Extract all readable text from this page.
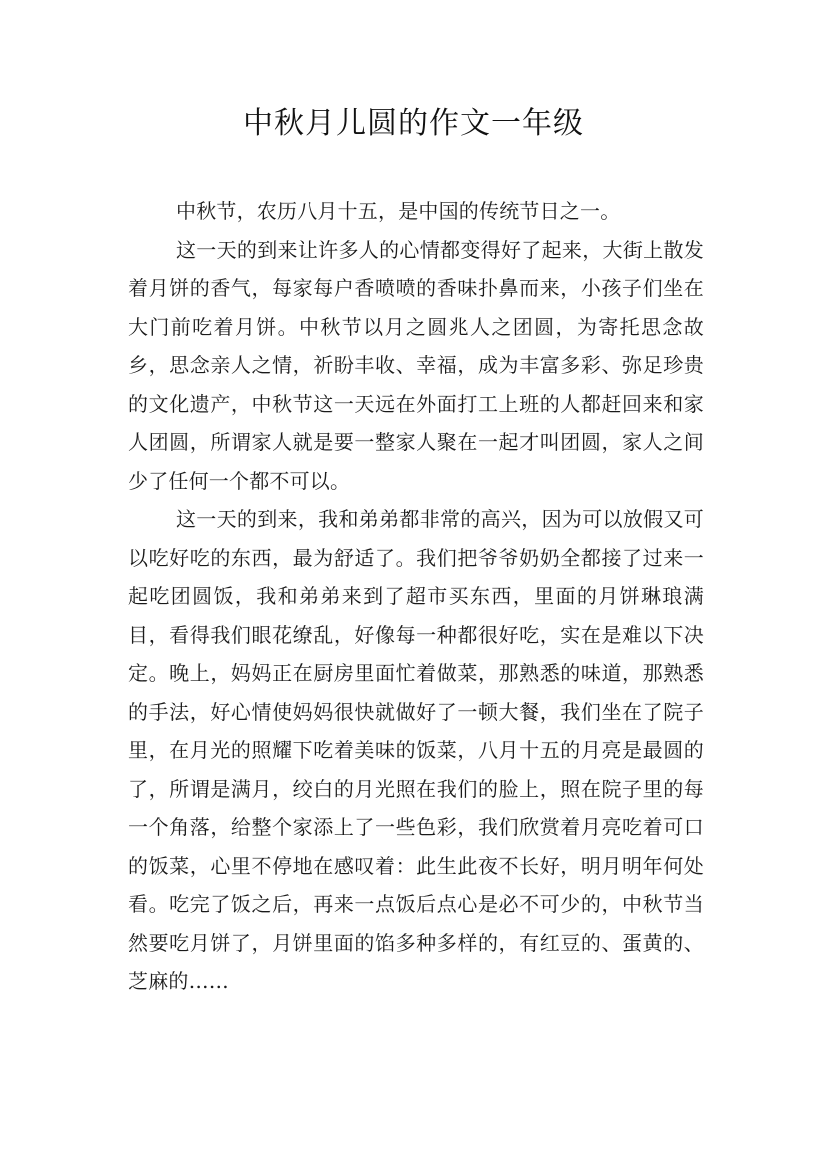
中秋月儿圆的作文一年级

中秋节，农历八月十五，是中国的传统节日之一。

这一天的到来让许多人的心情都变得好了起来，大街上散发着月饼的香气，每家每户香喷喷的香味扑鼻而来，小孩子们坐在大门前吃着月饼。中秋节以月之圆兆人之团圆，为寄托思念故乡，思念亲人之情，祈盼丰收、幸福，成为丰富多彩、弥足珍贵的文化遗产，中秋节这一天远在外面打工上班的人都赶回来和家人团圆，所谓家人就是要一整家人聚在一起才叫团圆，家人之间少了任何一个都不可以。

这一天的到来，我和弟弟都非常的高兴，因为可以放假又可以吃好吃的东西，最为舒适了。我们把爷爷奶奶全都接了过来一起吃团圆饭，我和弟弟来到了超市买东西，里面的月饼琳琅满目，看得我们眼花缭乱，好像每一种都很好吃，实在是难以下决定。晚上，妈妈正在厨房里面忙着做菜，那熟悉的味道，那熟悉的手法，好心情使妈妈很快就做好了一顿大餐，我们坐在了院子里，在月光的照耀下吃着美味的饭菜，八月十五的月亮是最圆的了，所谓是满月，绞白的月光照在我们的脸上，照在院子里的每一个角落，给整个家添上了一些色彩，我们欣赏着月亮吃着可口的饭菜，心里不停地在感叹着：此生此夜不长好，明月明年何处看。吃完了饭之后，再来一点饭后点心是必不可少的，中秋节当然要吃月饼了，月饼里面的馅多种多样的，有红豆的、蛋黄的、芝麻的……
